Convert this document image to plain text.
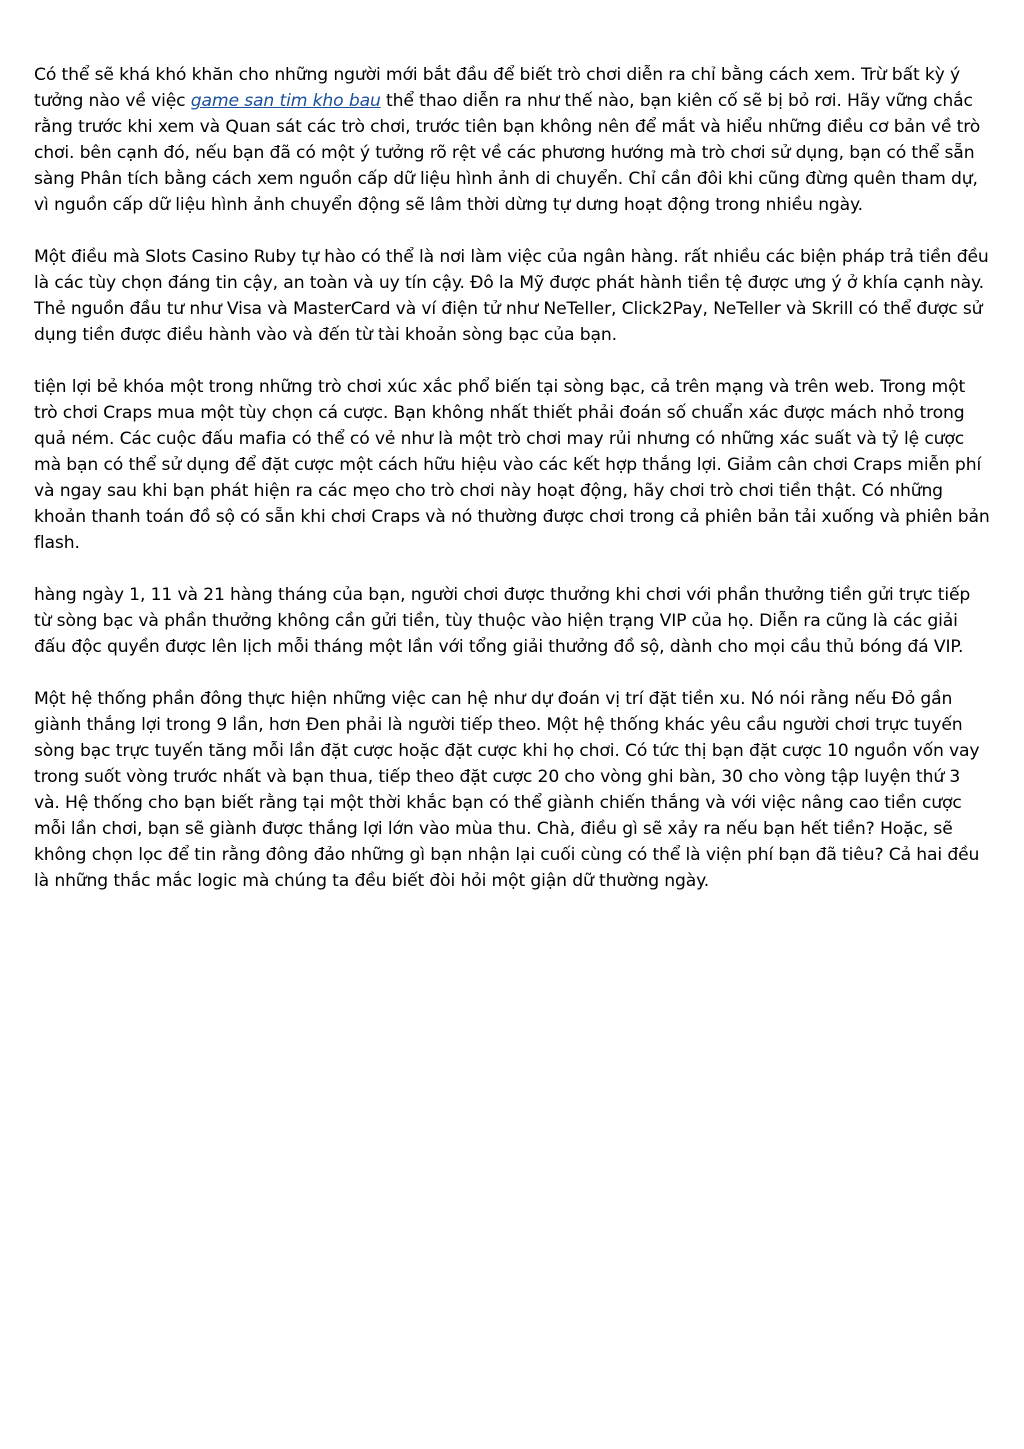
Có thể sẽ khá khó khăn cho những người mới bắt đầu để biết trò chơi diễn ra chỉ bằng cách xem. Trừ bất kỳ ý tưởng nào về việc game san tim kho bau thể thao diễn ra như thế nào, bạn kiên cố sẽ bị bỏ rơi. Hãy vững chắc rằng trước khi xem và Quan sát các trò chơi, trước tiên bạn không nên để mắt và hiểu những điều cơ bản về trò chơi. bên cạnh đó, nếu bạn đã có một ý tưởng rõ rệt về các phương hướng mà trò chơi sử dụng, bạn có thể sẵn sàng Phân tích bằng cách xem nguồn cấp dữ liệu hình ảnh di chuyển. Chỉ cần đôi khi cũng đừng quên tham dự, vì nguồn cấp dữ liệu hình ảnh chuyển động sẽ lâm thời dừng tự dưng hoạt động trong nhiều ngày.

Một điều mà Slots Casino Ruby tự hào có thể là nơi làm việc của ngân hàng. rất nhiều các biện pháp trả tiền đều là các tùy chọn đáng tin cậy, an toàn và uy tín cậy. Đô la Mỹ được phát hành tiền tệ được ưng ý ở khía cạnh này. Thẻ nguồn đầu tư như Visa và MasterCard và ví điện tử như NeTeller, Click2Pay, NeTeller và Skrill có thể được sử dụng tiền được điều hành vào và đến từ tài khoản sòng bạc của bạn.

tiện lợi bẻ khóa một trong những trò chơi xúc xắc phổ biến tại sòng bạc, cả trên mạng và trên web. Trong một trò chơi Craps mua một tùy chọn cá cược. Bạn không nhất thiết phải đoán số chuẩn xác được mách nhỏ trong quả ném. Các cuộc đấu mafia có thể có vẻ như là một trò chơi may rủi nhưng có những xác suất và tỷ lệ cược mà bạn có thể sử dụng để đặt cược một cách hữu hiệu vào các kết hợp thắng lợi. Giảm cân chơi Craps miễn phí và ngay sau khi bạn phát hiện ra các mẹo cho trò chơi này hoạt động, hãy chơi trò chơi tiền thật. Có những khoản thanh toán đồ sộ có sẵn khi chơi Craps và nó thường được chơi trong cả phiên bản tải xuống và phiên bản flash.

hàng ngày 1, 11 và 21 hàng tháng của bạn, người chơi được thưởng khi chơi với phần thưởng tiền gửi trực tiếp từ sòng bạc và phần thưởng không cần gửi tiền, tùy thuộc vào hiện trạng VIP của họ. Diễn ra cũng là các giải đấu độc quyền được lên lịch mỗi tháng một lần với tổng giải thưởng đồ sộ, dành cho mọi cầu thủ bóng đá VIP.

Một hệ thống phần đông thực hiện những việc can hệ như dự đoán vị trí đặt tiền xu. Nó nói rằng nếu Đỏ gần giành thắng lợi trong 9 lần, hơn Đen phải là người tiếp theo. Một hệ thống khác yêu cầu người chơi trực tuyến sòng bạc trực tuyến tăng mỗi lần đặt cược hoặc đặt cược khi họ chơi. Có tức thị bạn đặt cược 10 nguồn vốn vay trong suốt vòng trước nhất và bạn thua, tiếp theo đặt cược 20 cho vòng ghi bàn, 30 cho vòng tập luyện thứ 3 và. Hệ thống cho bạn biết rằng tại một thời khắc bạn có thể giành chiến thắng và với việc nâng cao tiền cược mỗi lần chơi, bạn sẽ giành được thắng lợi lớn vào mùa thu. Chà, điều gì sẽ xảy ra nếu bạn hết tiền? Hoặc, sẽ không chọn lọc để tin rằng đông đảo những gì bạn nhận lại cuối cùng có thể là viện phí bạn đã tiêu? Cả hai đều là những thắc mắc logic mà chúng ta đều biết đòi hỏi một giận dữ thường ngày.
